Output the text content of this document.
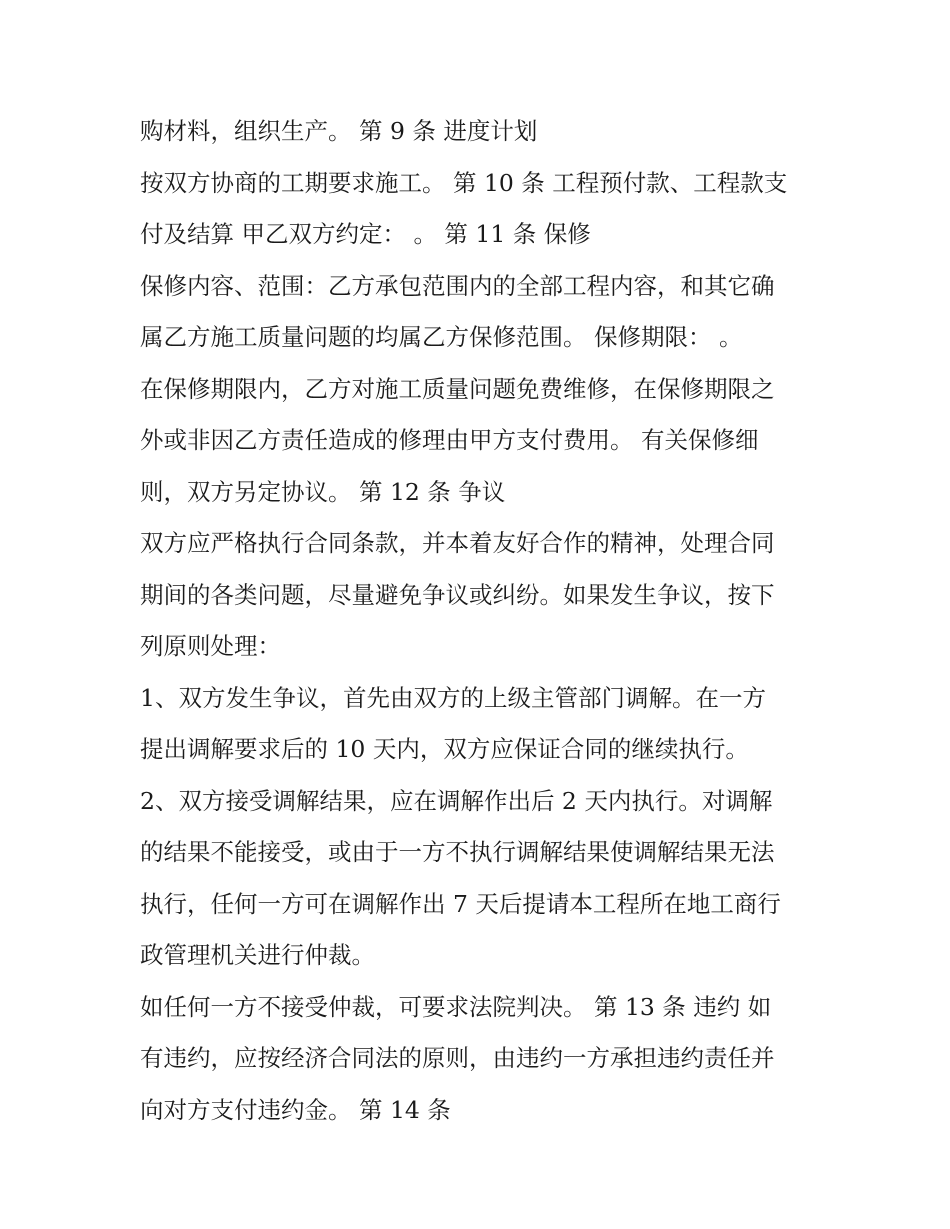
购材料，组织生产。 第 9 条 进度计划
按双方协商的工期要求施工。 第 10 条 工程预付款、工程款支
付及结算 甲乙双方约定： 。 第 11 条 保修
保修内容、范围：乙方承包范围内的全部工程内容，和其它确
属乙方施工质量问题的均属乙方保修范围。 保修期限： 。
在保修期限内，乙方对施工质量问题免费维修，在保修期限之
外或非因乙方责任造成的修理由甲方支付费用。 有关保修细
则，双方另定协议。 第 12 条 争议
双方应严格执行合同条款，并本着友好合作的精神，处理合同
期间的各类问题，尽量避免争议或纠纷。如果发生争议，按下
列原则处理：
1、双方发生争议，首先由双方的上级主管部门调解。在一方
提出调解要求后的 10 天内，双方应保证合同的继续执行。
2、双方接受调解结果，应在调解作出后 2 天内执行。对调解
的结果不能接受，或由于一方不执行调解结果使调解结果无法
执行，任何一方可在调解作出 7 天后提请本工程所在地工商行
政管理机关进行仲裁。
如任何一方不接受仲裁，可要求法院判决。 第 13 条 违约 如
有违约，应按经济合同法的原则，由违约一方承担违约责任并
向对方支付违约金。 第 14 条
